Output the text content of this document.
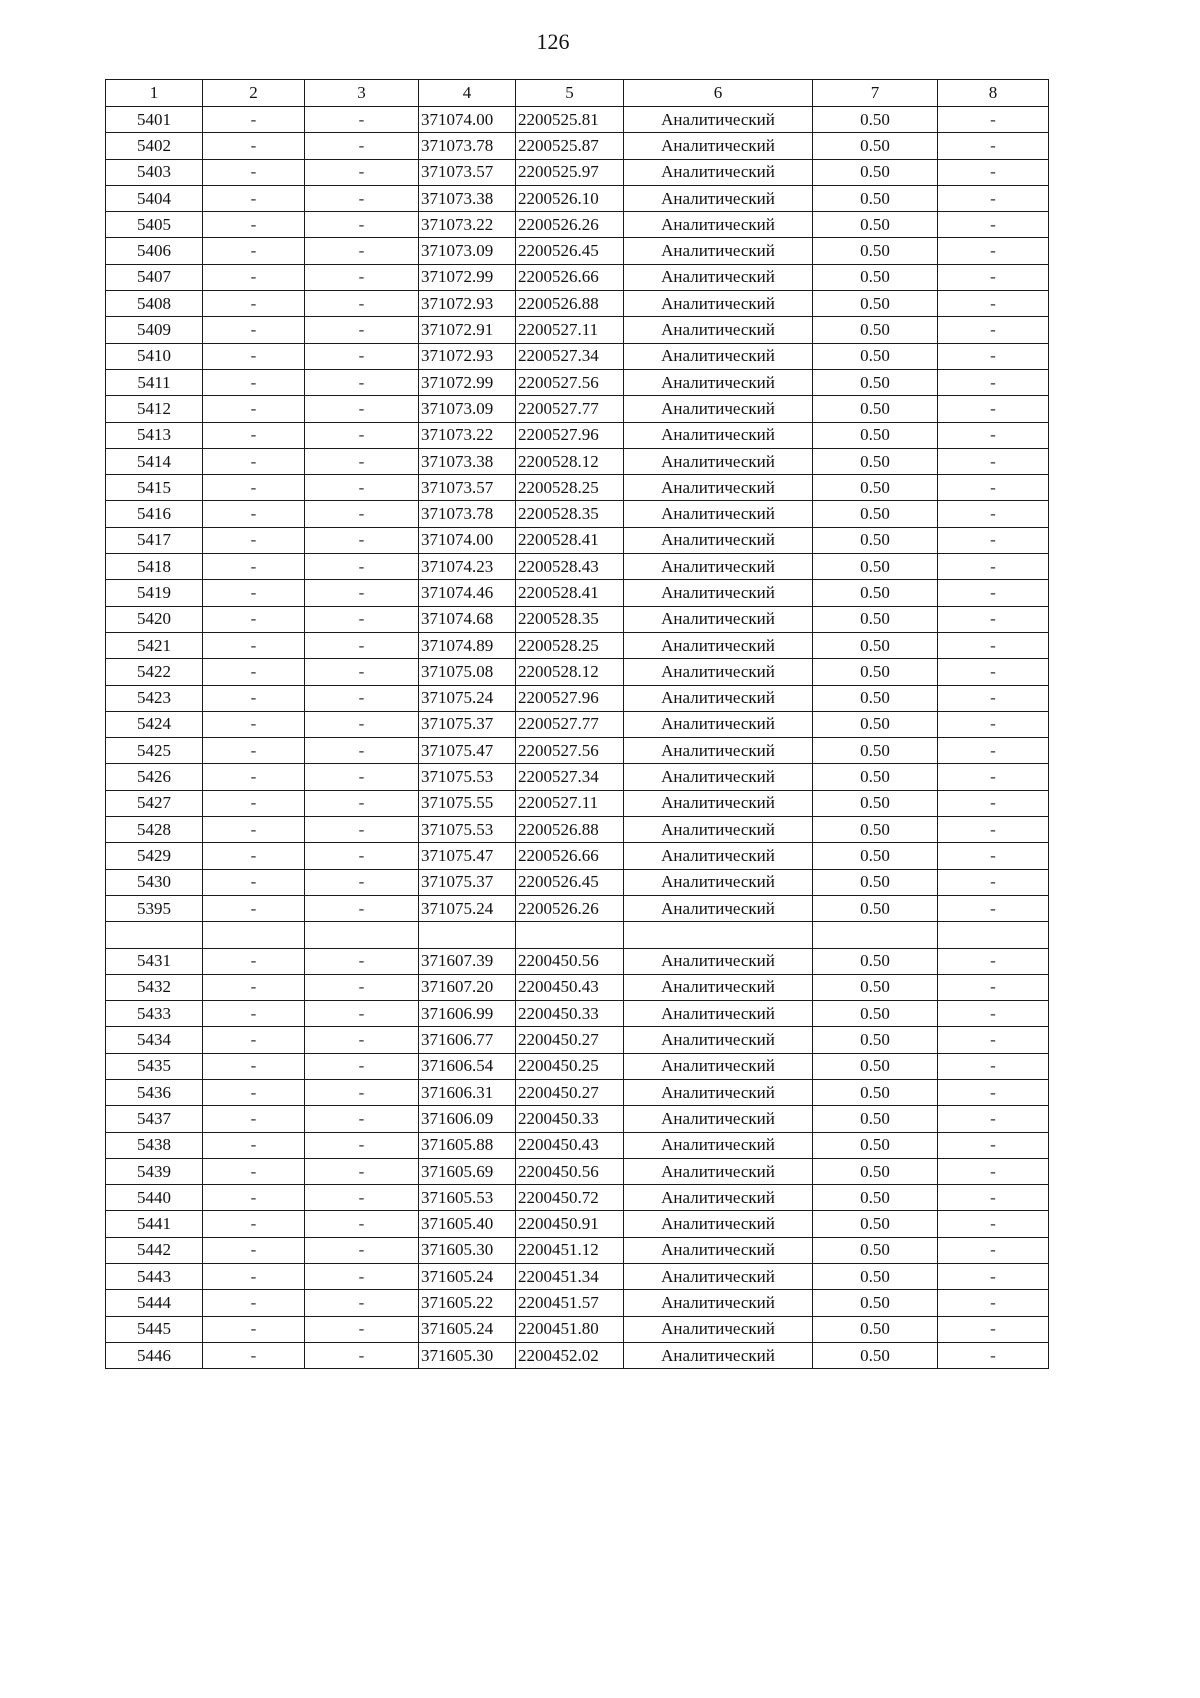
126
1	2	3	4	5	6	7	8
5401	-	-	371074.00	2200525.81	Аналитический	0.50	-
5402	-	-	371073.78	2200525.87	Аналитический	0.50	-
5403	-	-	371073.57	2200525.97	Аналитический	0.50	-
5404	-	-	371073.38	2200526.10	Аналитический	0.50	-
5405	-	-	371073.22	2200526.26	Аналитический	0.50	-
5406	-	-	371073.09	2200526.45	Аналитический	0.50	-
5407	-	-	371072.99	2200526.66	Аналитический	0.50	-
5408	-	-	371072.93	2200526.88	Аналитический	0.50	-
5409	-	-	371072.91	2200527.11	Аналитический	0.50	-
5410	-	-	371072.93	2200527.34	Аналитический	0.50	-
5411	-	-	371072.99	2200527.56	Аналитический	0.50	-
5412	-	-	371073.09	2200527.77	Аналитический	0.50	-
5413	-	-	371073.22	2200527.96	Аналитический	0.50	-
5414	-	-	371073.38	2200528.12	Аналитический	0.50	-
5415	-	-	371073.57	2200528.25	Аналитический	0.50	-
5416	-	-	371073.78	2200528.35	Аналитический	0.50	-
5417	-	-	371074.00	2200528.41	Аналитический	0.50	-
5418	-	-	371074.23	2200528.43	Аналитический	0.50	-
5419	-	-	371074.46	2200528.41	Аналитический	0.50	-
5420	-	-	371074.68	2200528.35	Аналитический	0.50	-
5421	-	-	371074.89	2200528.25	Аналитический	0.50	-
5422	-	-	371075.08	2200528.12	Аналитический	0.50	-
5423	-	-	371075.24	2200527.96	Аналитический	0.50	-
5424	-	-	371075.37	2200527.77	Аналитический	0.50	-
5425	-	-	371075.47	2200527.56	Аналитический	0.50	-
5426	-	-	371075.53	2200527.34	Аналитический	0.50	-
5427	-	-	371075.55	2200527.11	Аналитический	0.50	-
5428	-	-	371075.53	2200526.88	Аналитический	0.50	-
5429	-	-	371075.47	2200526.66	Аналитический	0.50	-
5430	-	-	371075.37	2200526.45	Аналитический	0.50	-
5395	-	-	371075.24	2200526.26	Аналитический	0.50	-

5431	-	-	371607.39	2200450.56	Аналитический	0.50	-
5432	-	-	371607.20	2200450.43	Аналитический	0.50	-
5433	-	-	371606.99	2200450.33	Аналитический	0.50	-
5434	-	-	371606.77	2200450.27	Аналитический	0.50	-
5435	-	-	371606.54	2200450.25	Аналитический	0.50	-
5436	-	-	371606.31	2200450.27	Аналитический	0.50	-
5437	-	-	371606.09	2200450.33	Аналитический	0.50	-
5438	-	-	371605.88	2200450.43	Аналитический	0.50	-
5439	-	-	371605.69	2200450.56	Аналитический	0.50	-
5440	-	-	371605.53	2200450.72	Аналитический	0.50	-
5441	-	-	371605.40	2200450.91	Аналитический	0.50	-
5442	-	-	371605.30	2200451.12	Аналитический	0.50	-
5443	-	-	371605.24	2200451.34	Аналитический	0.50	-
5444	-	-	371605.22	2200451.57	Аналитический	0.50	-
5445	-	-	371605.24	2200451.80	Аналитический	0.50	-
5446	-	-	371605.30	2200452.02	Аналитический	0.50	-
